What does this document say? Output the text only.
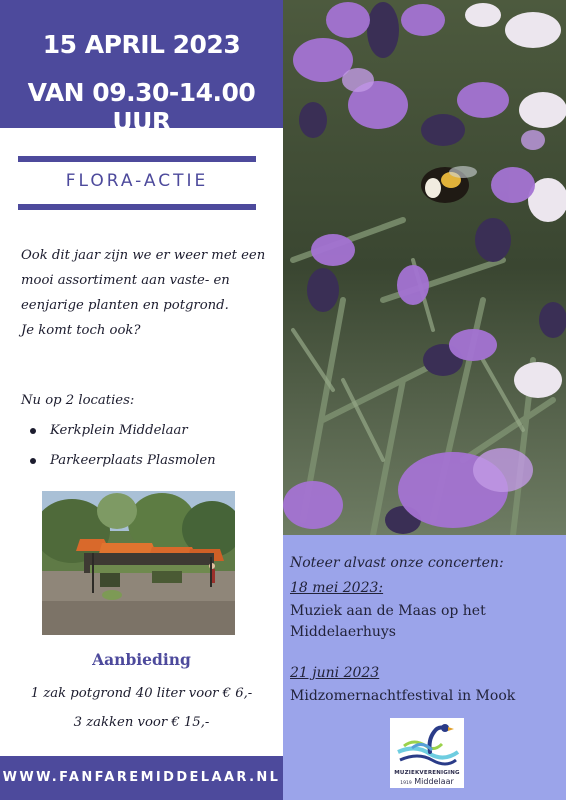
15 APRIL 2023
VAN 09.30-14.00 UUR
FLORA-ACTIE
Ook dit jaar zijn we er weer met een
mooi assortiment aan vaste- en
eenjarige planten en potgrond.
Je komt toch ook?
Nu op 2 locaties:
Kerkplein Middelaar
Parkeerplaats Plasmolen
Aanbieding
1 zak potgrond 40 liter voor € 6,-
3 zakken voor € 15,-
WWW.FANFAREMIDDELAAR.NL
Noteer alvast onze concerten:
18 mei 2023:
Muziek aan de Maas op het
Middelaerhuys
21 juni 2023
Midzomernachtfestival in Mook
MUZIEKVERENIGING
1919 Middelaar
